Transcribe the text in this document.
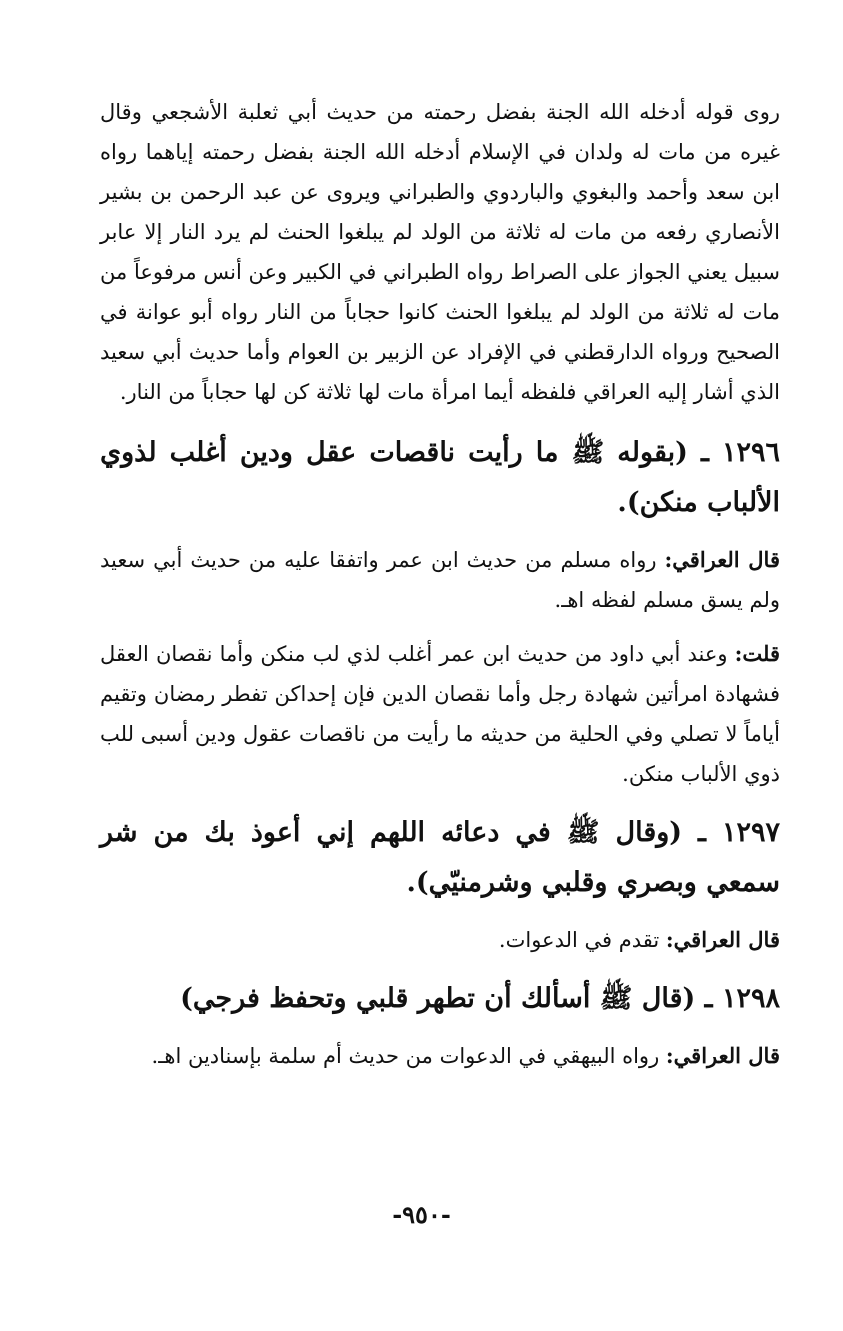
روى قوله أدخله الله الجنة بفضل رحمته من حديث أبي ثعلبة الأشجعي وقال غيره من مات له ولدان في الإسلام أدخله الله الجنة بفضل رحمته إياهما رواه ابن سعد وأحمد والبغوي والباردوي والطبراني ويروى عن عبد الرحمن بن بشير الأنصاري رفعه من مات له ثلاثة من الولد لم يبلغوا الحنث لم يرد النار إلا عابر سبيل يعني الجواز على الصراط رواه الطبراني في الكبير وعن أنس مرفوعاً من مات له ثلاثة من الولد لم يبلغوا الحنث كانوا حجاباً من النار رواه أبو عوانة في الصحيح ورواه الدارقطني في الإفراد عن الزبير بن العوام وأما حديث أبي سعيد الذي أشار إليه العراقي فلفظه أيما امرأة مات لها ثلاثة كن لها حجاباً من النار.

١٢٩٦ ـ (بقوله ﷺ ما رأيت ناقصات عقل ودين أغلب لذوي الألباب منكن).

قال العراقي: رواه مسلم من حديث ابن عمر واتفقا عليه من حديث أبي سعيد ولم يسق مسلم لفظه اهـ.

قلت: وعند أبي داود من حديث ابن عمر أغلب لذي لب منكن وأما نقصان العقل فشهادة امرأتين شهادة رجل وأما نقصان الدين فإن إحداكن تفطر رمضان وتقيم أياماً لا تصلي وفي الحلية من حديثه ما رأيت من ناقصات عقول ودين أسبى للب ذوي الألباب منكن.

١٢٩٧ ـ (وقال ﷺ في دعائه اللهم إني أعوذ بك من شر سمعي وبصري وقلبي وشرمنيّي).

قال العراقي: تقدم في الدعوات.

١٢٩٨ ـ (قال ﷺ أسألك أن تطهر قلبي وتحفظ فرجي)

قال العراقي: رواه البيهقي في الدعوات من حديث أم سلمة بإسنادين اهـ.

-٩٥٠-
